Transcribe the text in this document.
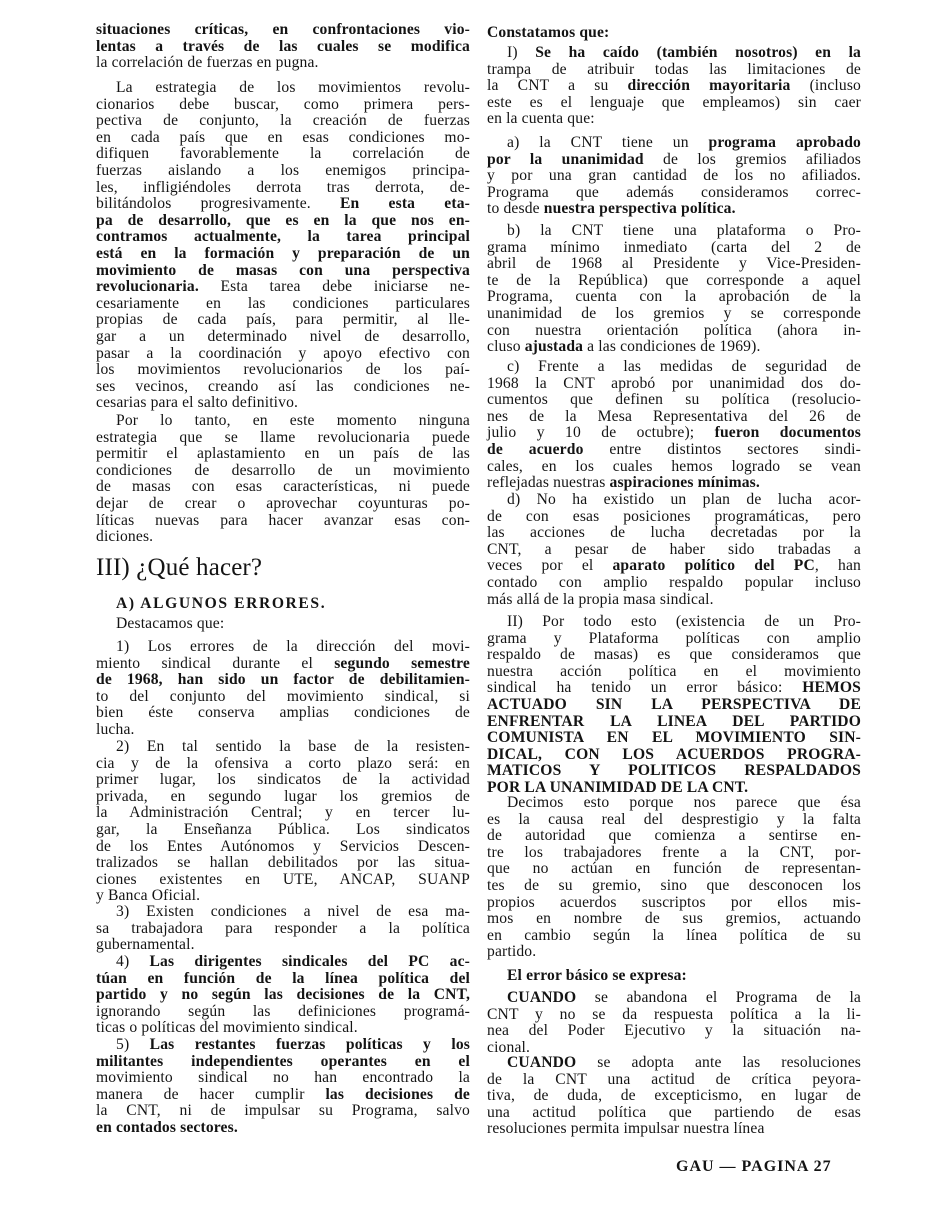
situaciones críticas, en confrontaciones vio-
lentas a través de las cuales se modifica
la correlación de fuerzas en pugna.
La estrategia de los movimientos revolu-
cionarios debe buscar, como primera pers-
pectiva de conjunto, la creación de fuerzas
en cada país que en esas condiciones mo-
difiquen favorablemente la correlación de
fuerzas aislando a los enemigos principa-
les, infligiéndoles derrota tras derrota, de-
bilitándolos progresivamente. En esta eta-
pa de desarrollo, que es en la que nos en-
contramos actualmente, la tarea principal
está en la formación y preparación de un
movimiento de masas con una perspectiva
revolucionaria. Esta tarea debe iniciarse ne-
cesariamente en las condiciones particulares
propias de cada país, para permitir, al lle-
gar a un determinado nivel de desarrollo,
pasar a la coordinación y apoyo efectivo con
los movimientos revolucionarios de los paí-
ses vecinos, creando así las condiciones ne-
cesarias para el salto definitivo.
Por lo tanto, en este momento ninguna
estrategia que se llame revolucionaria puede
permitir el aplastamiento en un país de las
condiciones de desarrollo de un movimiento
de masas con esas características, ni puede
dejar de crear o aprovechar coyunturas po-
líticas nuevas para hacer avanzar esas con-
diciones.
III) ¿Qué hacer?
A) ALGUNOS ERRORES.
Destacamos que:
1) Los errores de la dirección del movi-
miento sindical durante el segundo semestre
de 1968, han sido un factor de debilitamien-
to del conjunto del movimiento sindical, si
bien éste conserva amplias condiciones de
lucha.
2) En tal sentido la base de la resisten-
cia y de la ofensiva a corto plazo será: en
primer lugar, los sindicatos de la actividad
privada, en segundo lugar los gremios de
la Administración Central; y en tercer lu-
gar, la Enseñanza Pública. Los sindicatos
de los Entes Autónomos y Servicios Descen-
tralizados se hallan debilitados por las situa-
ciones existentes en UTE, ANCAP, SUANP
y Banca Oficial.
3) Existen condiciones a nivel de esa ma-
sa trabajadora para responder a la política
gubernamental.
4) Las dirigentes sindicales del PC ac-
túan en función de la línea política del
partido y no según las decisiones de la CNT,
ignorando según las definiciones programá-
ticas o políticas del movimiento sindical.
5) Las restantes fuerzas políticas y los
militantes independientes operantes en el
movimiento sindical no han encontrado la
manera de hacer cumplir las decisiones de
la CNT, ni de impulsar su Programa, salvo
en contados sectores.
Constatamos que:
I) Se ha caído (también nosotros) en la
trampa de atribuir todas las limitaciones de
la CNT a su dirección mayoritaria (incluso
este es el lenguaje que empleamos) sin caer
en la cuenta que:
a) la CNT tiene un programa aprobado
por la unanimidad de los gremios afiliados
y por una gran cantidad de los no afiliados.
Programa que además consideramos correc-
to desde nuestra perspectiva política.
b) la CNT tiene una plataforma o Pro-
grama mínimo inmediato (carta del 2 de
abril de 1968 al Presidente y Vice-Presiden-
te de la República) que corresponde a aquel
Programa, cuenta con la aprobación de la
unanimidad de los gremios y se corresponde
con nuestra orientación política (ahora in-
cluso ajustada a las condiciones de 1969).
c) Frente a las medidas de seguridad de
1968 la CNT aprobó por unanimidad dos do-
cumentos que definen su política (resolucio-
nes de la Mesa Representativa del 26 de
julio y 10 de octubre); fueron documentos
de acuerdo entre distintos sectores sindi-
cales, en los cuales hemos logrado se vean
reflejadas nuestras aspiraciones mínimas.
d) No ha existido un plan de lucha acor-
de con esas posiciones programáticas, pero
las acciones de lucha decretadas por la
CNT, a pesar de haber sido trabadas a
veces por el aparato político del PC, han
contado con amplio respaldo popular incluso
más allá de la propia masa sindical.
II) Por todo esto (existencia de un Pro-
grama y Plataforma políticas con amplio
respaldo de masas) es que consideramos que
nuestra acción política en el movimiento
sindical ha tenido un error básico: HEMOS
ACTUADO SIN LA PERSPECTIVA DE
ENFRENTAR LA LINEA DEL PARTIDO
COMUNISTA EN EL MOVIMIENTO SIN-
DICAL, CON LOS ACUERDOS PROGRA-
MATICOS Y POLITICOS RESPALDADOS
POR LA UNANIMIDAD DE LA CNT.
Decimos esto porque nos parece que ésa
es la causa real del desprestigio y la falta
de autoridad que comienza a sentirse en-
tre los trabajadores frente a la CNT, por-
que no actúan en función de representan-
tes de su gremio, sino que desconocen los
propios acuerdos suscriptos por ellos mis-
mos en nombre de sus gremios, actuando
en cambio según la línea política de su
partido.
El error básico se expresa:
CUANDO se abandona el Programa de la
CNT y no se da respuesta política a la li-
nea del Poder Ejecutivo y la situación na-
cional.
CUANDO se adopta ante las resoluciones
de la CNT una actitud de crítica peyora-
tiva, de duda, de excepticismo, en lugar de
una actitud política que partiendo de esas
resoluciones permita impulsar nuestra línea
GAU — PAGINA 27
